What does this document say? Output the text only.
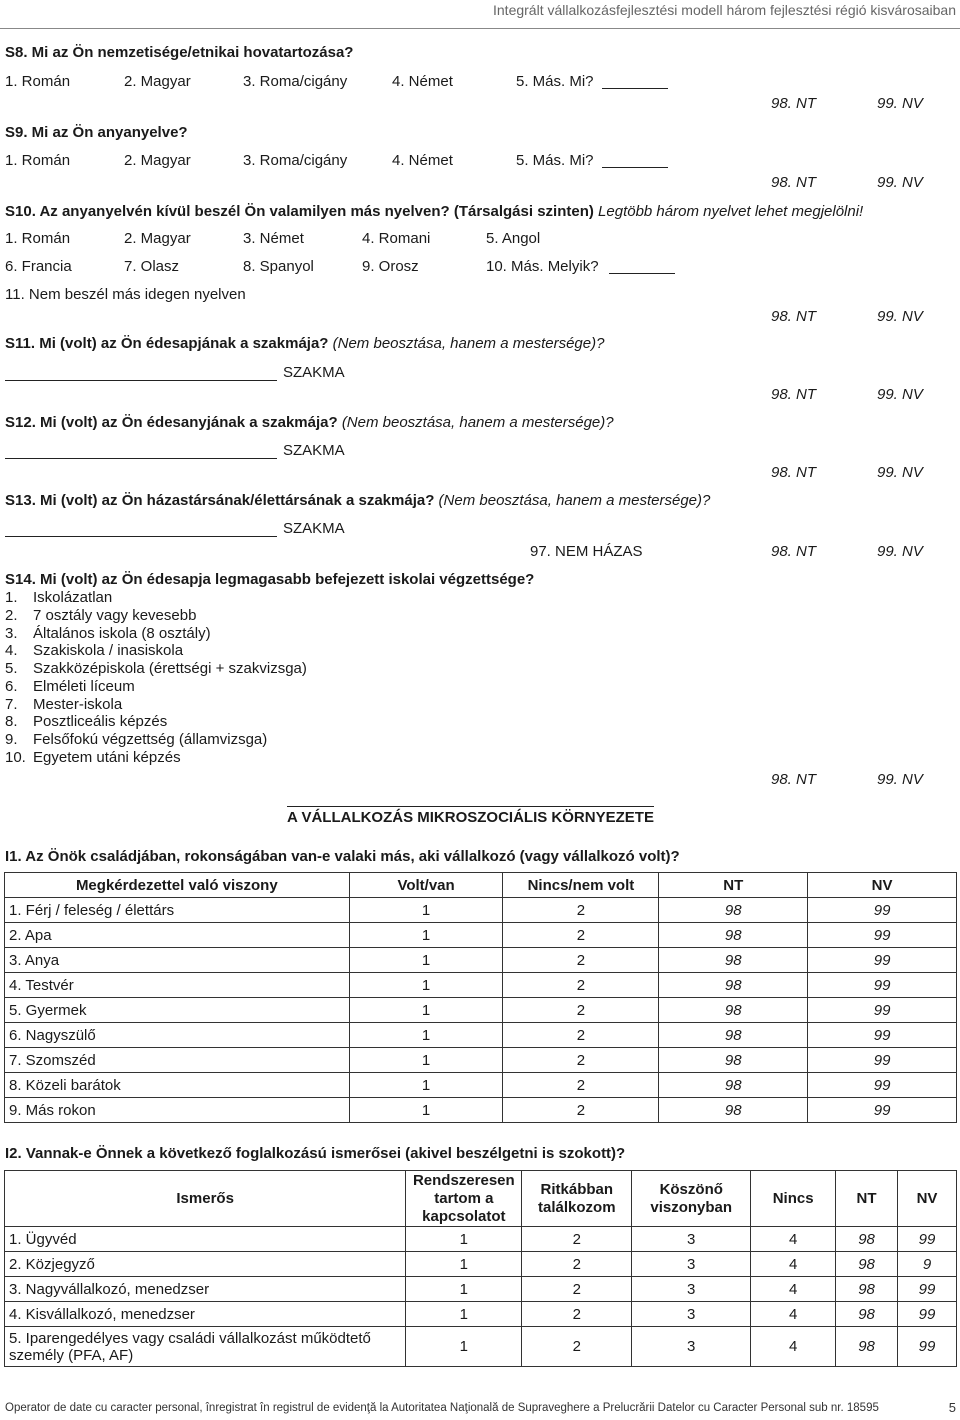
Integrált vállalkozásfejlesztési modell három fejlesztési régió kisvárosaiban
S8. Mi az Ön nemzetisége/etnikai hovatartozása?
1. Román	2. Magyar	3. Roma/cigány	4. Német	5. Más. Mi?
98. NT	99. NV
S9. Mi az Ön anyanyelve?
1. Román	2. Magyar	3. Roma/cigány	4. Német	5. Más. Mi?
98. NT	99. NV
S10. Az anyanyelvén kívül beszél Ön valamilyen más nyelven? (Társalgási szinten) Legtöbb három nyelvet lehet megjelölni!
1. Román	2. Magyar	3. Német	4. Romani	5. Angol
6. Francia	7. Olasz	8. Spanyol	9. Orosz	10. Más. Melyik?
11. Nem beszél más idegen nyelven
98. NT	99. NV
S11. Mi (volt) az Ön édesapjának a szakmája? (Nem beosztása, hanem a mestersége)?
SZAKMA
98. NT	99. NV
S12. Mi (volt) az Ön édesanyjának a szakmája? (Nem beosztása, hanem a mestersége)?
SZAKMA
98. NT	99. NV
S13. Mi (volt) az Ön házastársának/élettársának a szakmája? (Nem beosztása, hanem a mestersége)?
SZAKMA
97. NEM HÁZAS	98. NT	99. NV
S14. Mi (volt) az Ön édesapja legmagasabb befejezett iskolai végzettsége?
1. Iskolázatlan
2. 7 osztály vagy kevesebb
3. Általános iskola (8 osztály)
4. Szakiskola / inasiskola
5. Szakközépiskola (érettségi + szakvizsga)
6. Elméleti líceum
7. Mester-iskola
8. Posztliceális képzés
9. Felsőfokú végzettség (államvizsga)
10. Egyetem utáni képzés
98. NT	99. NV
A VÁLLALKOZÁS MIKROSZOCIÁLIS KÖRNYEZETE
I1. Az Önök családjában, rokonságában van-e valaki más, aki vállalkozó (vagy vállalkozó volt)?
Megkérdezettel való viszony	Volt/van	Nincs/nem volt	NT	NV
1. Férj / feleség / élettárs	1	2	98	99
2. Apa	1	2	98	99
3. Anya	1	2	98	99
4. Testvér	1	2	98	99
5. Gyermek	1	2	98	99
6. Nagyszülő	1	2	98	99
7. Szomszéd	1	2	98	99
8. Közeli barátok	1	2	98	99
9. Más rokon	1	2	98	99
I2. Vannak-e Önnek a következő foglalkozású ismerősei (akivel beszélgetni is szokott)?
Ismerős	Rendszeresen tartom a kapcsolatot	Ritkábban találkozom	Köszönő viszonyban	Nincs	NT	NV
1. Ügyvéd	1	2	3	4	98	99
2. Közjegyző	1	2	3	4	98	9
3. Nagyvállalkozó, menedzser	1	2	3	4	98	99
4. Kisvállalkozó, menedzser	1	2	3	4	98	99
5. Iparengedélyes vagy családi vállalkozást működtető személy (PFA, AF)	1	2	3	4	98	99
Operator de date cu caracter personal, înregistrat în registrul de evidenţă la Autoritatea Naţională de Supraveghere a Prelucrării Datelor cu Caracter Personal sub nr. 18595	5
